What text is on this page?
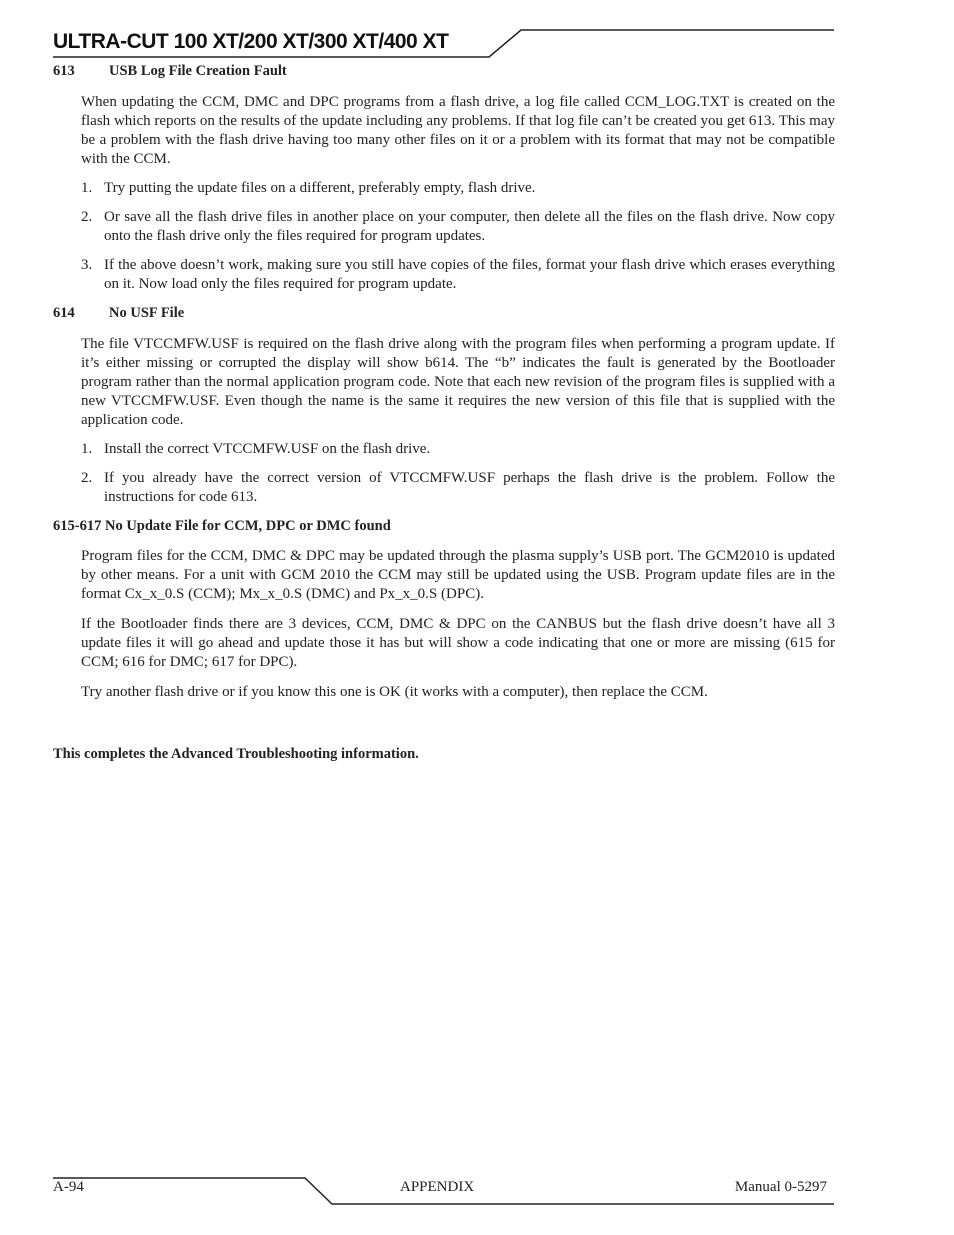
ULTRA-CUT 100 XT/200 XT/300 XT/400 XT

613 USB Log File Creation Fault

When updating the CCM, DMC and DPC programs from a flash drive, a log file called CCM_LOG.TXT is created on the flash which reports on the results of the update including any problems. If that log file can’t be created you get 613. This may be a problem with the flash drive having too many other files on it or a problem with its format that may not be compatible with the CCM.

1. Try putting the update files on a different, preferably empty, flash drive.
2. Or save all the flash drive files in another place on your computer, then delete all the files on the flash drive. Now copy onto the flash drive only the files required for program updates.
3. If the above doesn’t work, making sure you still have copies of the files, format your flash drive which erases everything on it. Now load only the files required for program update.

614 No USF File

The file VTCCMFW.USF is required on the flash drive along with the program files when performing a program update. If it’s either missing or corrupted the display will show b614. The “b” indicates the fault is generated by the Bootloader program rather than the normal application program code. Note that each new revision of the program files is supplied with a new VTCCMFW.USF. Even though the name is the same it requires the new version of this file that is supplied with the application code.

1. Install the correct VTCCMFW.USF on the flash drive.
2. If you already have the correct version of VTCCMFW.USF perhaps the flash drive is the problem. Follow the instructions for code 613.

615-617 No Update File for CCM, DPC or DMC found

Program files for the CCM, DMC & DPC may be updated through the plasma supply’s USB port. The GCM2010 is updated by other means. For a unit with GCM 2010 the CCM may still be updated using the USB. Program update files are in the format Cx_x_0.S (CCM); Mx_x_0.S (DMC) and Px_x_0.S (DPC).

If the Bootloader finds there are 3 devices, CCM, DMC & DPC on the CANBUS but the flash drive doesn’t have all 3 update files it will go ahead and update those it has but will show a code indicating that one or more are missing (615 for CCM; 616 for DMC; 617 for DPC).

Try another flash drive or if you know this one is OK (it works with a computer), then replace the CCM.

This completes the Advanced Troubleshooting information.

A-94	APPENDIX	Manual 0-5297
